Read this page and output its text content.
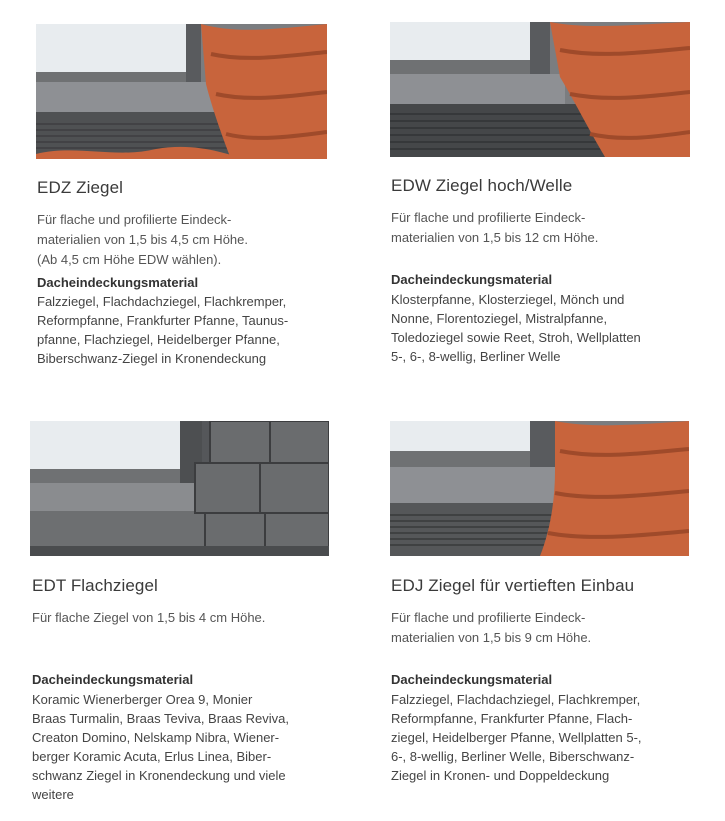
EDZ Ziegel
Für flache und profilierte Eindeck-
materialien von 1,5 bis 4,5 cm Höhe.
(Ab 4,5 cm Höhe EDW wählen).
Dacheindeckungsmaterial
Falzziegel, Flachdachziegel, Flachkremper,
Reformpfanne, Frankfurter Pfanne, Taunus-
pfanne, Flachziegel, Heidelberger Pfanne,
Biberschwanz-Ziegel in Kronendeckung
EDW Ziegel hoch/Welle
Für flache und profilierte Eindeck-
materialien von 1,5 bis 12 cm Höhe.
Dacheindeckungsmaterial
Klosterpfanne, Klosterziegel, Mönch und
Nonne, Florentoziegel, Mistralpfanne,
Toledoziegel sowie Reet, Stroh, Wellplatten
5-, 6-, 8-wellig, Berliner Welle
EDT Flachziegel
Für flache Ziegel von 1,5 bis 4 cm Höhe.
Dacheindeckungsmaterial
Koramic Wienerberger Orea 9, Monier
Braas Turmalin, Braas Teviva, Braas Reviva,
Creaton Domino, Nelskamp Nibra, Wiener-
berger Koramic Acuta, Erlus Linea, Biber-
schwanz Ziegel in Kronendeckung und viele
weitere
EDJ Ziegel für vertieften Einbau
Für flache und profilierte Eindeck-
materialien von 1,5 bis 9 cm Höhe.
Dacheindeckungsmaterial
Falzziegel, Flachdachziegel, Flachkremper,
Reformpfanne, Frankfurter Pfanne, Flach-
ziegel, Heidelberger Pfanne, Wellplatten 5-,
6-, 8-wellig, Berliner Welle, Biberschwanz-
Ziegel in Kronen- und Doppeldeckung
